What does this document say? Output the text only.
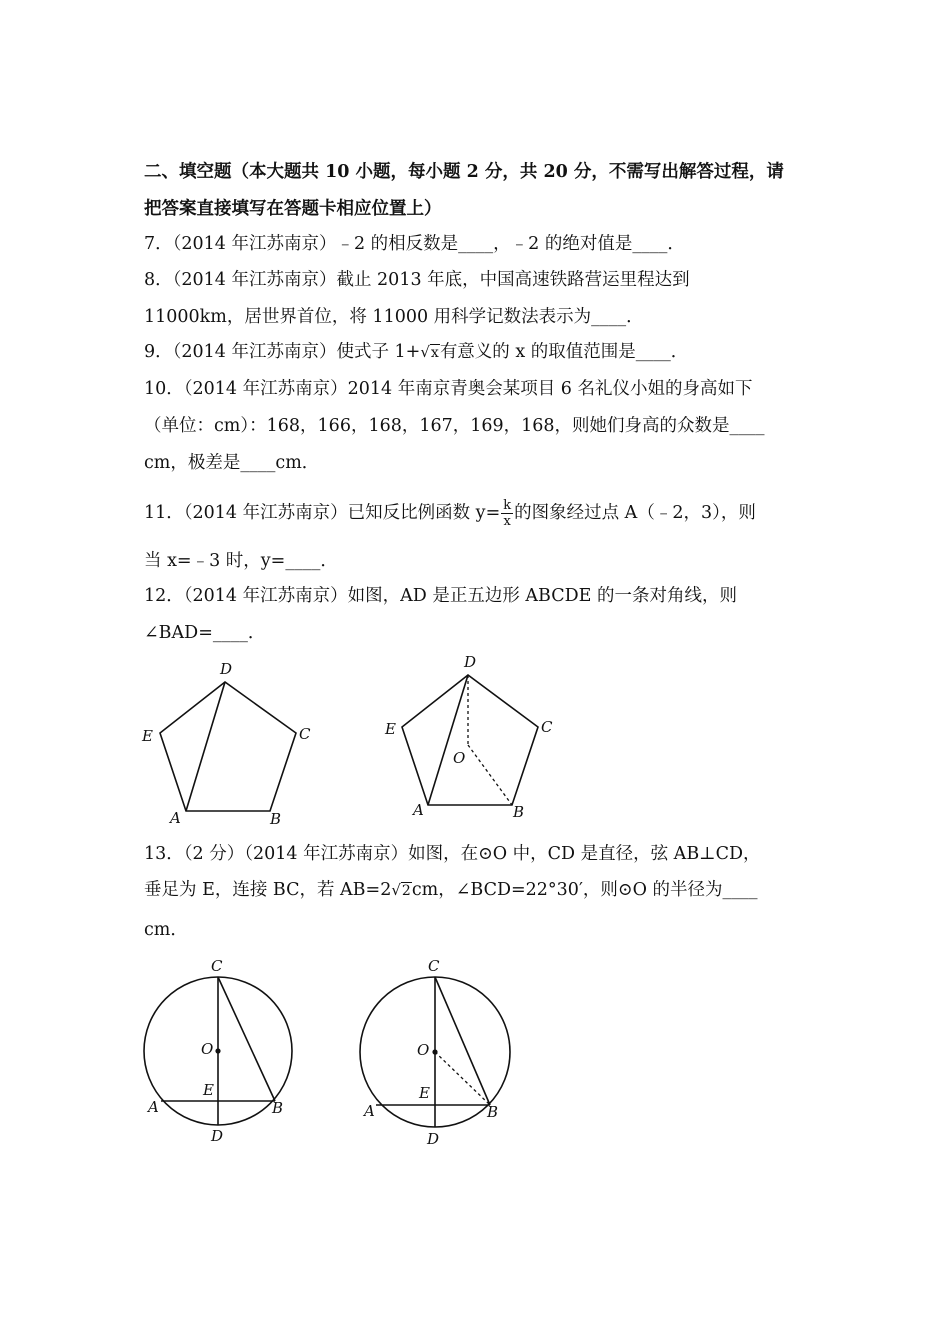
二、填空题（本大题共 10 小题，每小题 2 分，共 20 分，不需写出解答过程，请
把答案直接填写在答题卡相应位置上）
7．（2014 年江苏南京）﹣2 的相反数是____，﹣2 的绝对值是____．
8．（2014 年江苏南京）截止 2013 年底，中国高速铁路营运里程达到
11000km，居世界首位，将 11000 用科学记数法表示为____．
9．（2014 年江苏南京）使式子 1+√x有意义的 x 的取值范围是____．
10．（2014 年江苏南京）2014 年南京青奥会某项目 6 名礼仪小姐的身高如下
（单位：cm）：168，166，168，167，169，168，则她们身高的众数是____
cm，极差是____cm．
11．（2014 年江苏南京）已知反比例函数 $y= \frac{k}{x}$ 的图象经过点 A（﹣2，3），则
当 x=﹣3 时，y=____．
12．（2014 年江苏南京）如图，AD 是正五边形 ABCDE 的一条对角线，则
∠BAD=____．
D
E	C
A	B
D
E	C
O
A	B
13．（2 分）（2014 年江苏南京）如图，在⊙O 中，CD 是直径，弦 AB⊥CD，
垂足为 E，连接 BC，若 AB=2√2cm，∠BCD=22°30′，则⊙O 的半径为____
cm．
C
O
E
A	B
D
C
O
E
A	B
D
